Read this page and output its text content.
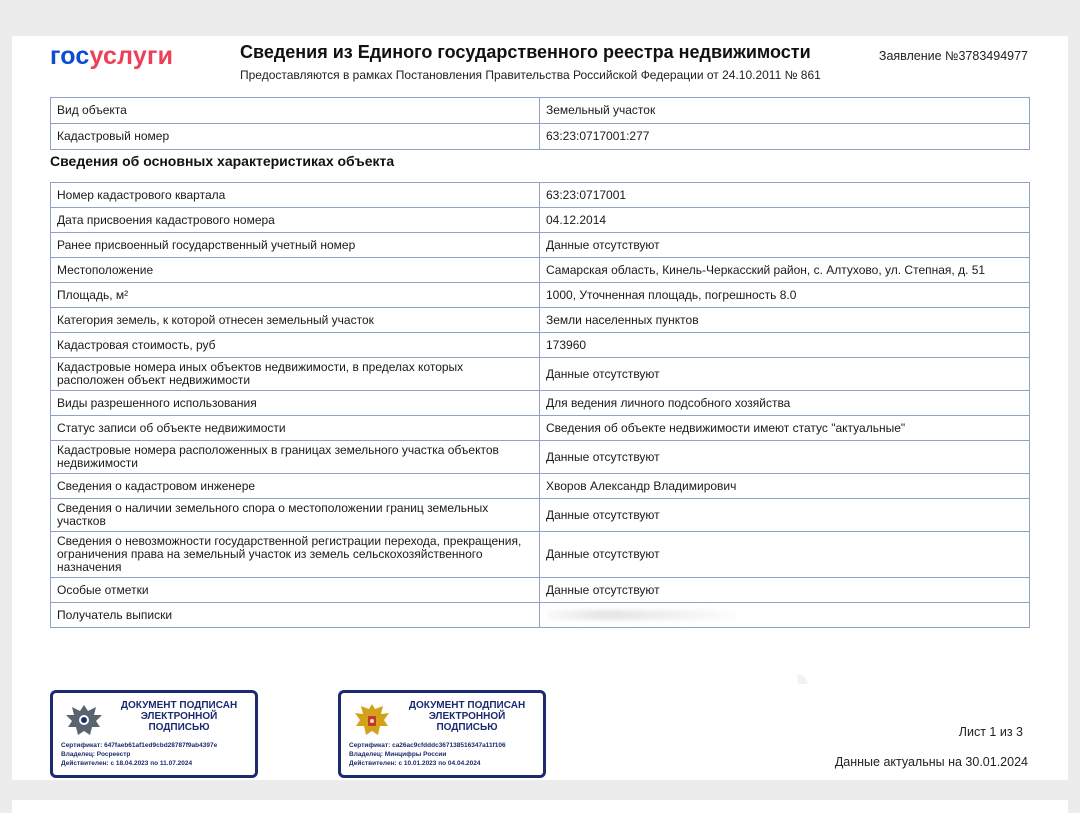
госуслуги	Сведения из Единого государственного реестра недвижимости
Предоставляются в рамках Постановления Правительства Российской Федерации от 24.10.2011 № 861
Заявление №3783494977
Вид объекта	Земельный участок
Кадастровый номер	63:23:0717001:277
Сведения об основных характеристиках объекта
Номер кадастрового квартала	63:23:0717001
Дата присвоения кадастрового номера	04.12.2014
Ранее присвоенный государственный учетный номер	Данные отсутствуют
Местоположение	Самарская область, Кинель-Черкасский район, с. Алтухово, ул. Степная, д. 51
Площадь, м²	1000, Уточненная площадь, погрешность 8.0
Категория земель, к которой отнесен земельный участок	Земли населенных пунктов
Кадастровая стоимость, руб	173960
Кадастровые номера иных объектов недвижимости, в пределах которых расположен объект недвижимости	Данные отсутствуют
Виды разрешенного использования	Для ведения личного подсобного хозяйства
Статус записи об объекте недвижимости	Сведения об объекте недвижимости имеют статус "актуальные"
Кадастровые номера расположенных в границах земельного участка объектов недвижимости	Данные отсутствуют
Сведения о кадастровом инженере	Хворов Александр Владимирович
Сведения о наличии земельного спора о местоположении границ земельных участков	Данные отсутствуют
Сведения о невозможности государственной регистрации перехода, прекращения, ограничения права на земельный участок из земель сельскохозяйственного назначения	Данные отсутствуют
Особые отметки	Данные отсутствуют
Получатель выписки	
◔
ДОКУМЕНТ ПОДПИСАН ЭЛЕКТРОННОЙ ПОДПИСЬЮ
Сертификат: 647faeb61af1ed9cbd28787f9ab4397e
Владелец: Росреестр
Действителен: с 18.04.2023 по 11.07.2024
ДОКУМЕНТ ПОДПИСАН ЭЛЕКТРОННОЙ ПОДПИСЬЮ
Сертификат: ca26ac9cfdddc367138516347a11f106
Владелец: Минцифры России
Действителен: с 10.01.2023 по 04.04.2024
Лист 1 из 3
Данные актуальны на 30.01.2024
